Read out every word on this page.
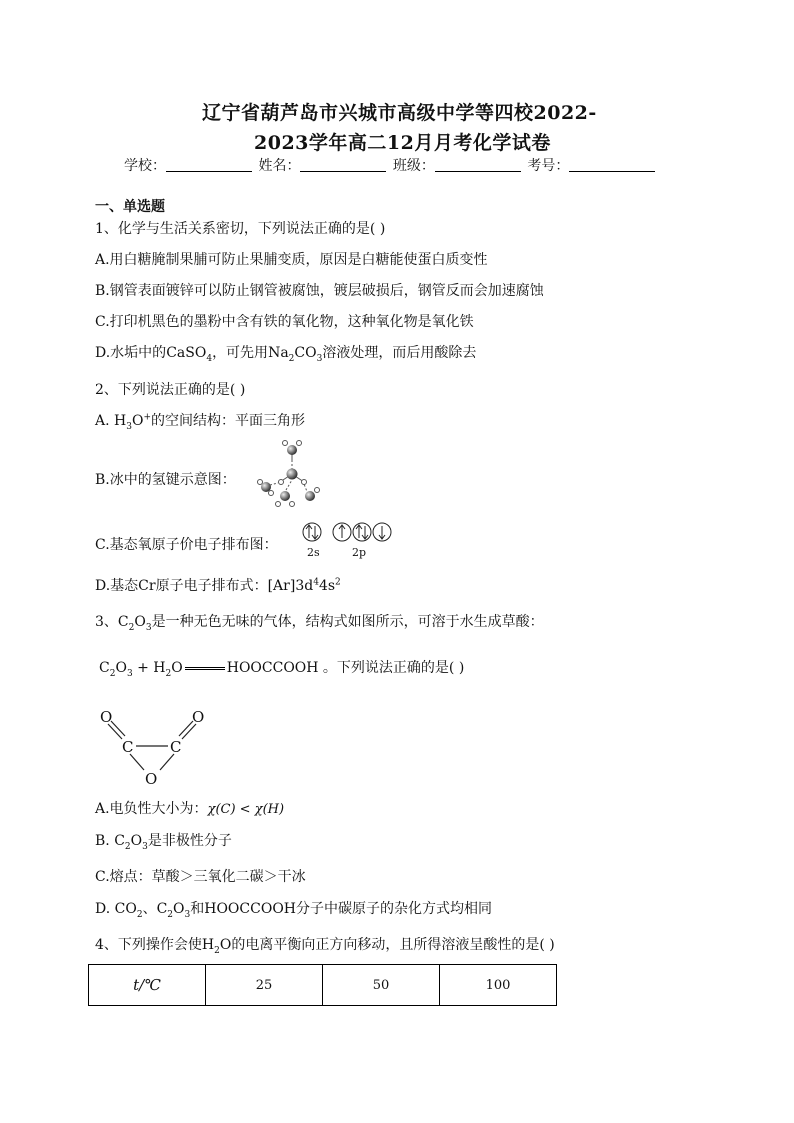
辽宁省葫芦岛市兴城市高级中学等四校2022-
2023学年高二12月月考化学试卷
学校：	姓名：	班级：	考号：
一、单选题
1、化学与生活关系密切，下列说法正确的是( )
A.用白糖腌制果脯可防止果脯变质，原因是白糖能使蛋白质变性
B.钢管表面镀锌可以防止钢管被腐蚀，镀层破损后，钢管反而会加速腐蚀
C.打印机黑色的墨粉中含有铁的氧化物，这种氧化物是氧化铁
D.水垢中的CaSO$_4$，可先用$Na_2CO_3$溶液处理，而后用酸除去
2、下列说法正确的是( )
A. $H_3O^+$的空间结构：平面三角形
B.冰中的氢键示意图：
C.基态氧原子价电子排布图：	2s	2p
D.基态Cr原子电子排布式：$[Ar]3d^44s^2$
3、$C_2O_3$是一种无色无味的气体，结构式如图所示，可溶于水生成草酸：
$C_2O_3 + H_2O$	HOOCCOOH 。下列说法正确的是( )
O	O
C C
O
A.电负性大小为：χ(C) < χ(H)
B. $C_2O_3$是非极性分子
C.熔点：草酸＞三氧化二碳＞干冰
D. $CO_2$、$C_2O_3$和HOOCCOOH分子中碳原子的杂化方式均相同
4、下列操作会使$H_2O$的电离平衡向正方向移动，且所得溶液呈酸性的是( )
t/℃	25	50	100
